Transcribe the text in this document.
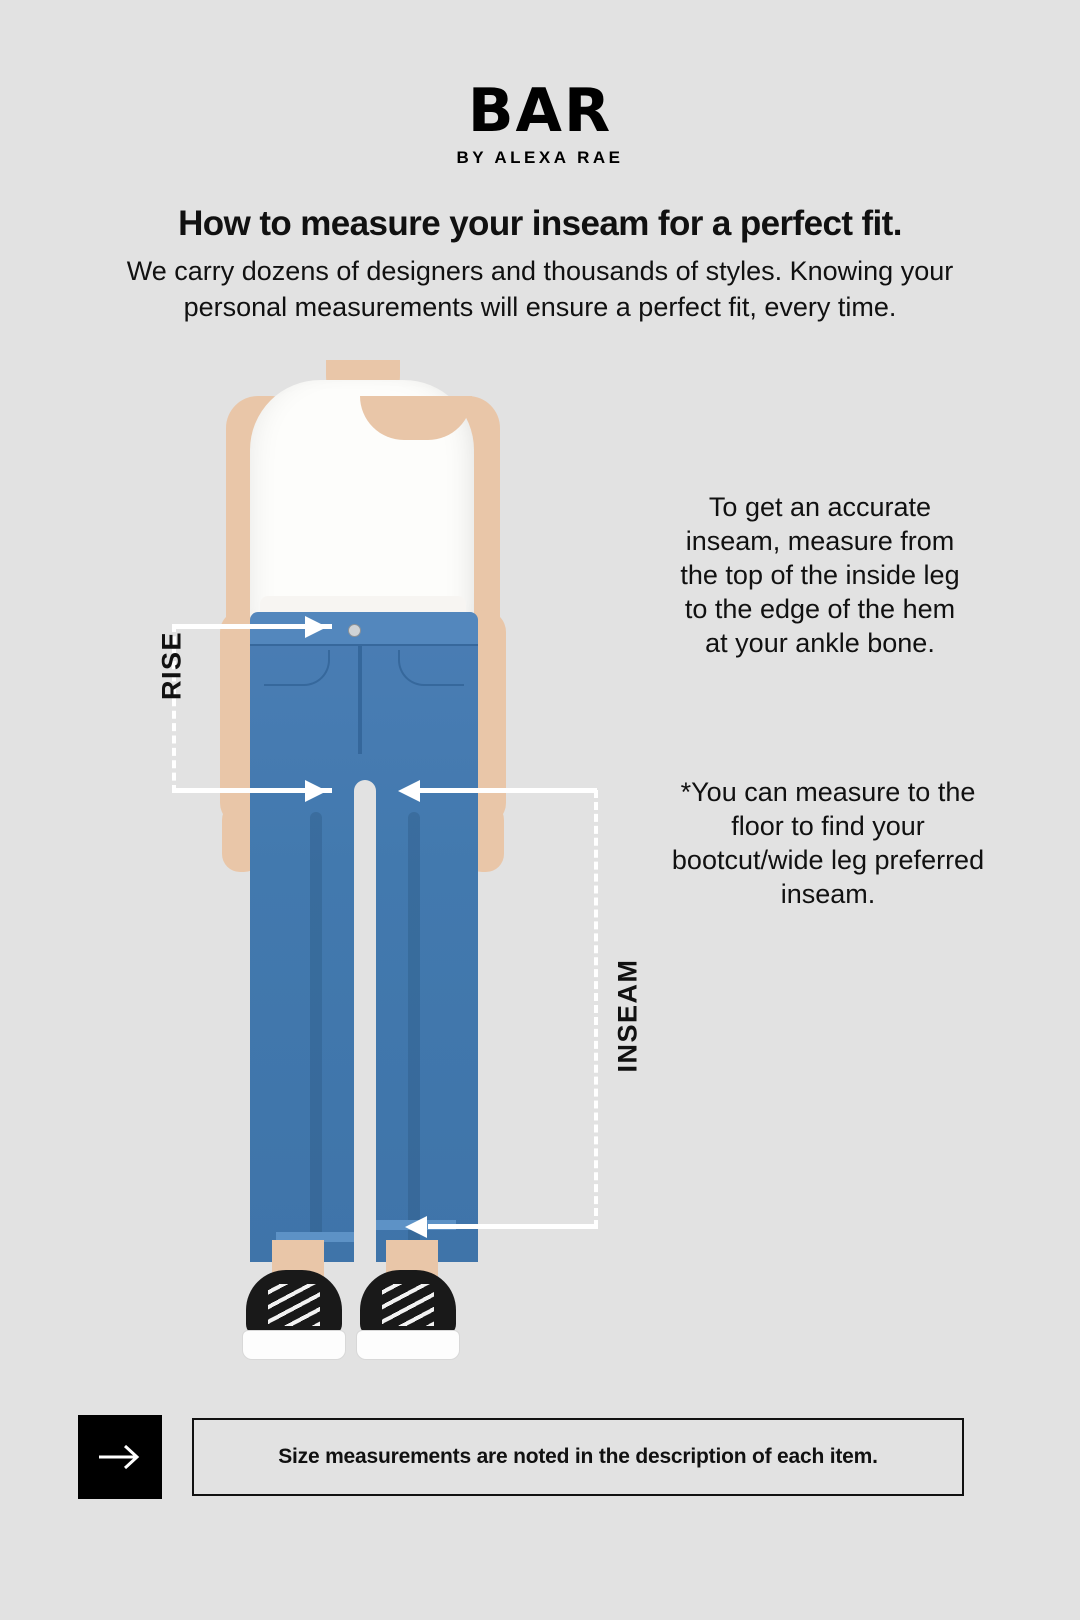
BAR
BY ALEXA RAE
How to measure your inseam for a perfect fit.

We carry dozens of designers and thousands of styles. Knowing your personal measurements will ensure a perfect fit, every time.

RISE
INSEAM

To get an accurate inseam, measure from the top of the inside leg to the edge of the hem at your ankle bone.

*You can measure to the floor to find your bootcut/wide leg preferred inseam.

Size measurements are noted in the description of each item.
